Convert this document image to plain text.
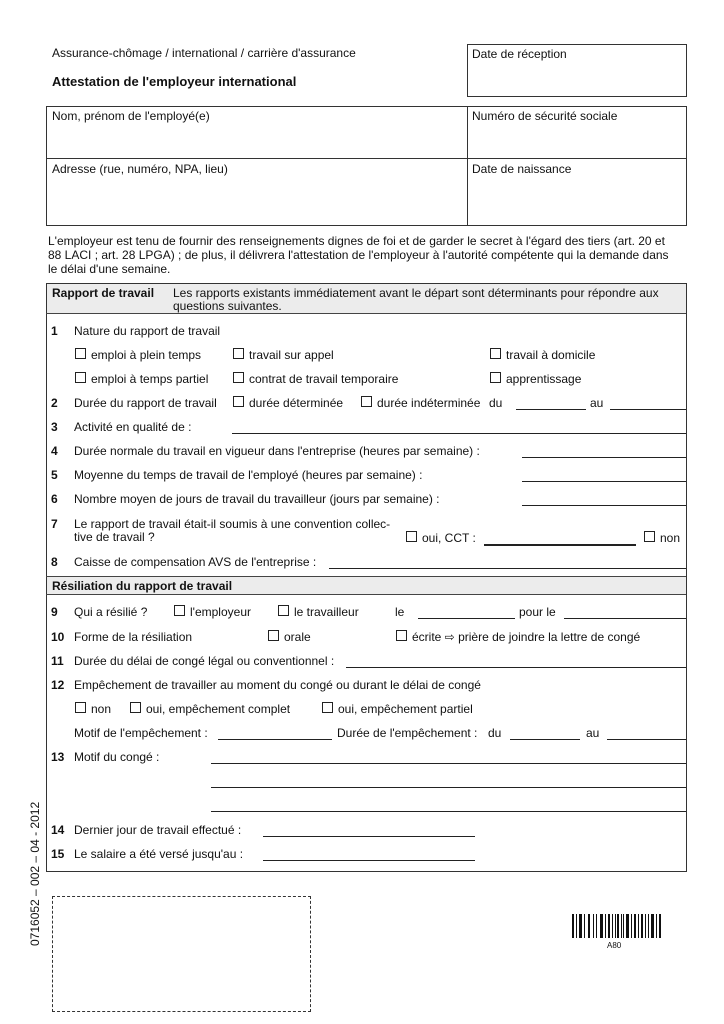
Assurance-chômage / international / carrière d'assurance
Attestation de l'employeur international
Date de réception
Nom, prénom de l'employé(e)	Numéro de sécurité sociale
Adresse (rue, numéro, NPA, lieu)	Date de naissance
L'employeur est tenu de fournir des renseignements dignes de foi et de garder le secret à l'égard des tiers (art. 20 et
88 LACI ; art. 28 LPGA) ; de plus, il délivrera l'attestation de l'employeur à l'autorité compétente qui la demande dans
le délai d'une semaine.
Rapport de travail Les rapports existants immédiatement avant le départ sont déterminants pour répondre aux
questions suivantes.
1 Nature du rapport de travail
emploi à plein temps	travail sur appel	travail à domicile
emploi à temps partiel	contrat de travail temporaire	apprentissage
2 Durée du rapport de travail	durée déterminée	durée indéterminée du	au
3 Activité en qualité de :
4 Durée normale du travail en vigueur dans l'entreprise (heures par semaine) :
5 Moyenne du temps de travail de l'employé (heures par semaine) :
6 Nombre moyen de jours de travail du travailleur (jours par semaine) :
7 Le rapport de travail était-il soumis à une convention collec-
tive de travail ?	oui, CCT :	non
8 Caisse de compensation AVS de l'entreprise :
Résiliation du rapport de travail
9 Qui a résilié ?	l'employeur	le travailleur	le	pour le
10 Forme de la résiliation	orale	écrite ⇨ prière de joindre la lettre de congé
11 Durée du délai de congé légal ou conventionnel :
12 Empêchement de travailler au moment du congé ou durant le délai de congé
non	oui, empêchement complet	oui, empêchement partiel
Motif de l'empêchement :	Durée de l'empêchement : du	au
13 Motif du congé :
14 Dernier jour de travail effectué :
15 Le salaire a été versé jusqu'au :
0716052 – 002 – 04 - 2012	A80
